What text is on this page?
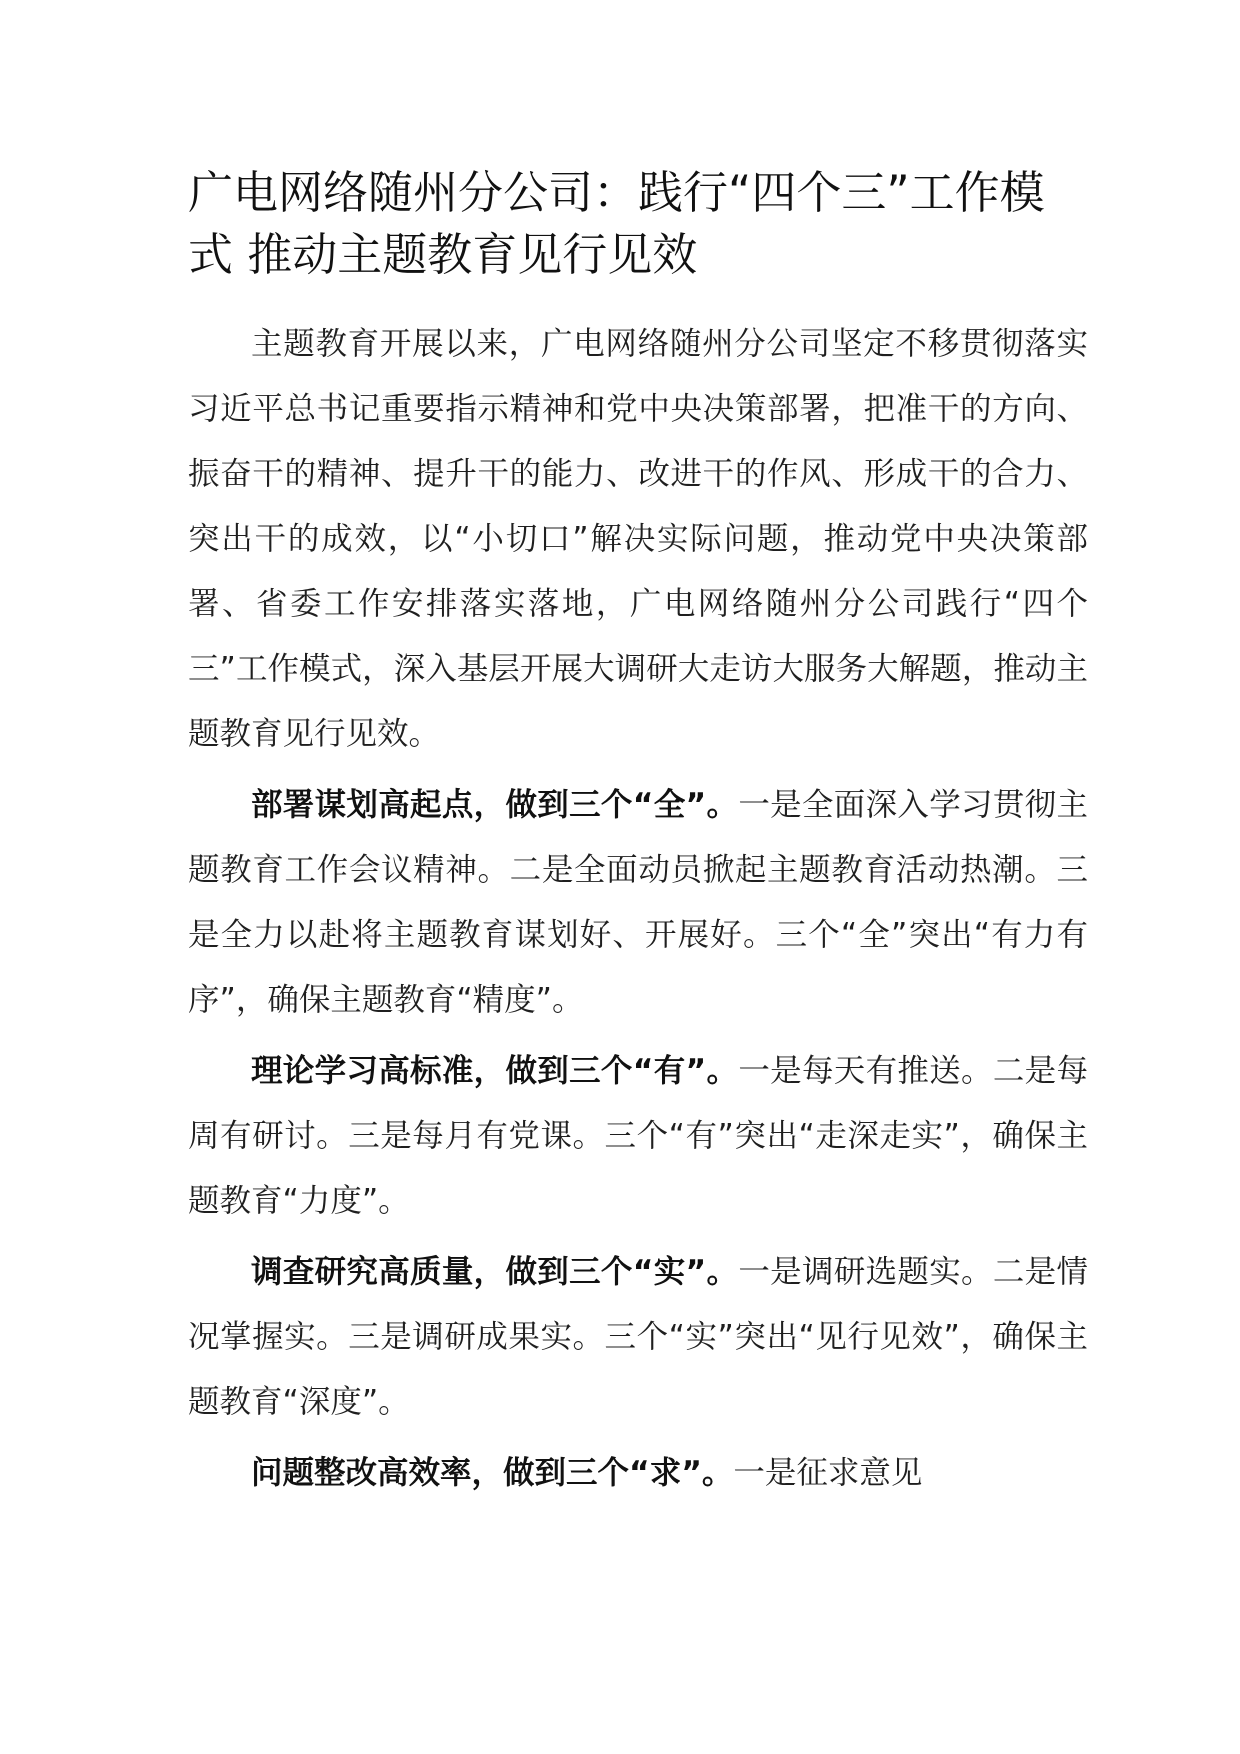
广电网络随州分公司：践行“四个三”工作模式 推动主题教育见行见效

主题教育开展以来，广电网络随州分公司坚定不移贯彻落实习近平总书记重要指示精神和党中央决策部署，把准干的方向、振奋干的精神、提升干的能力、改进干的作风、形成干的合力、突出干的成效，以“小切口”解决实际问题，推动党中央决策部署、省委工作安排落实落地，广电网络随州分公司践行“四个三”工作模式，深入基层开展大调研大走访大服务大解题，推动主题教育见行见效。

部署谋划高起点，做到三个“全”。一是全面深入学习贯彻主题教育工作会议精神。二是全面动员掀起主题教育活动热潮。三是全力以赴将主题教育谋划好、开展好。三个“全”突出“有力有序”，确保主题教育“精度”。

理论学习高标准，做到三个“有”。一是每天有推送。二是每周有研讨。三是每月有党课。三个“有”突出“走深走实”，确保主题教育“力度”。

调查研究高质量，做到三个“实”。一是调研选题实。二是情况掌握实。三是调研成果实。三个“实”突出“见行见效”，确保主题教育“深度”。

问题整改高效率，做到三个“求”。一是征求意见
